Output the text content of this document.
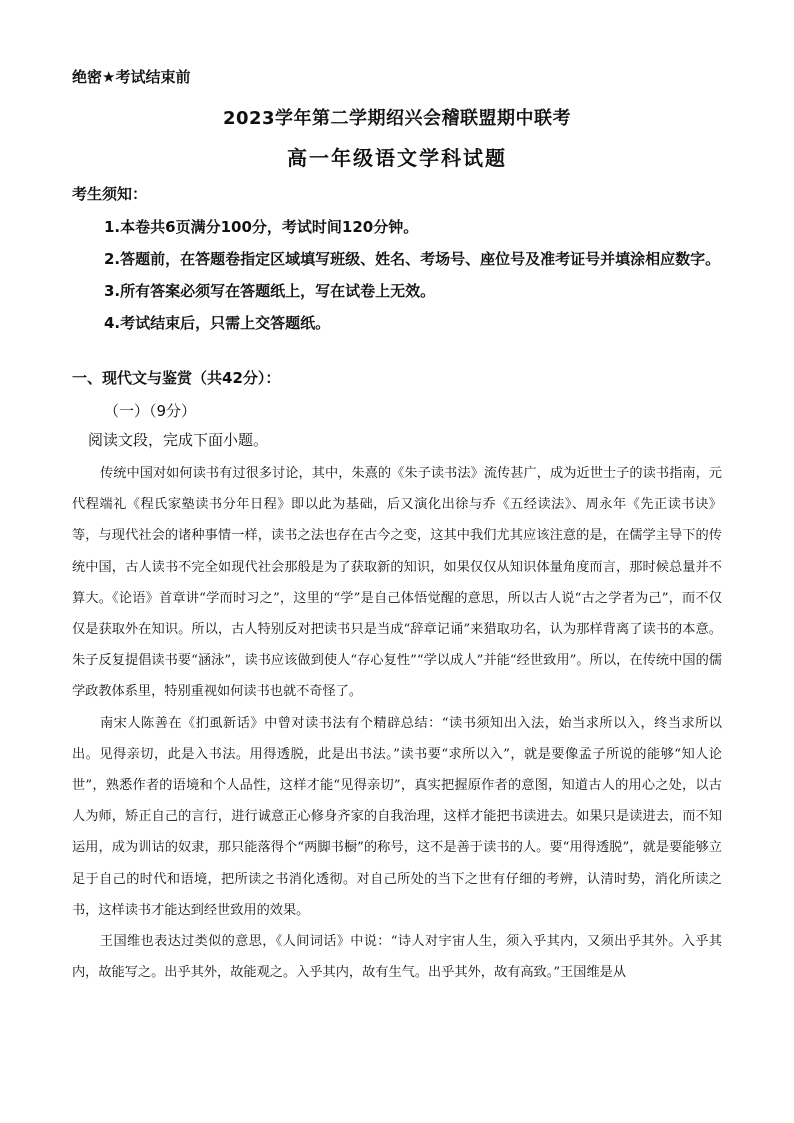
绝密★考试结束前
2023学年第二学期绍兴会稽联盟期中联考
高一年级语文学科试题
考生须知：

1.本卷共6页满分100分，考试时间120分钟。

2.答题前，在答题卷指定区域填写班级、姓名、考场号、座位号及准考证号并填涂相应数字。

3.所有答案必须写在答题纸上，写在试卷上无效。

4.考试结束后，只需上交答题纸。

一、现代文与鉴赏（共42分）：
（一）（9分）
阅读文段，完成下面小题。

传统中国对如何读书有过很多讨论，其中，朱熹的《朱子读书法》流传甚广，成为近世士子的读书指南，元代程端礼《程氏家塾读书分年日程》即以此为基础，后又演化出徐与乔《五经读法》、周永年《先正读书诀》等，与现代社会的诸种事情一样，读书之法也存在古今之变，这其中我们尤其应该注意的是，在儒学主导下的传统中国，古人读书不完全如现代社会那般是为了获取新的知识，如果仅仅从知识体量角度而言，那时候总量并不算大。《论语》首章讲“学而时习之”，这里的“学”是自己体悟觉醒的意思，所以古人说“古之学者为己”，而不仅仅是获取外在知识。所以，古人特别反对把读书只是当成“辞章记诵”来猎取功名，认为那样背离了读书的本意。朱子反复提倡读书要“涵泳”，读书应该做到使人“存心复性”“学以成人”并能“经世致用”。所以，在传统中国的儒学政教体系里，特别重视如何读书也就不奇怪了。

南宋人陈善在《扪虱新话》中曾对读书法有个精辟总结：“读书须知出入法，始当求所以入，终当求所以出。见得亲切，此是入书法。用得透脱，此是出书法。”读书要“求所以入”，就是要像孟子所说的能够“知人论世”，熟悉作者的语境和个人品性，这样才能“见得亲切”，真实把握原作者的意图，知道古人的用心之处，以古人为师，矫正自己的言行，进行诚意正心修身齐家的自我治理，这样才能把书读进去。如果只是读进去，而不知运用，成为训诂的奴隶，那只能落得个“两脚书橱”的称号，这不是善于读书的人。要“用得透脱”，就是要能够立足于自己的时代和语境，把所读之书消化透彻。对自己所处的当下之世有仔细的考辨，认清时势，消化所读之书，这样读书才能达到经世致用的效果。

王国维也表达过类似的意思，《人间词话》中说：“诗人对宇宙人生，须入乎其内，又须出乎其外。入乎其内，故能写之。出乎其外，故能观之。入乎其内，故有生气。出乎其外，故有高致。”王国维是从
